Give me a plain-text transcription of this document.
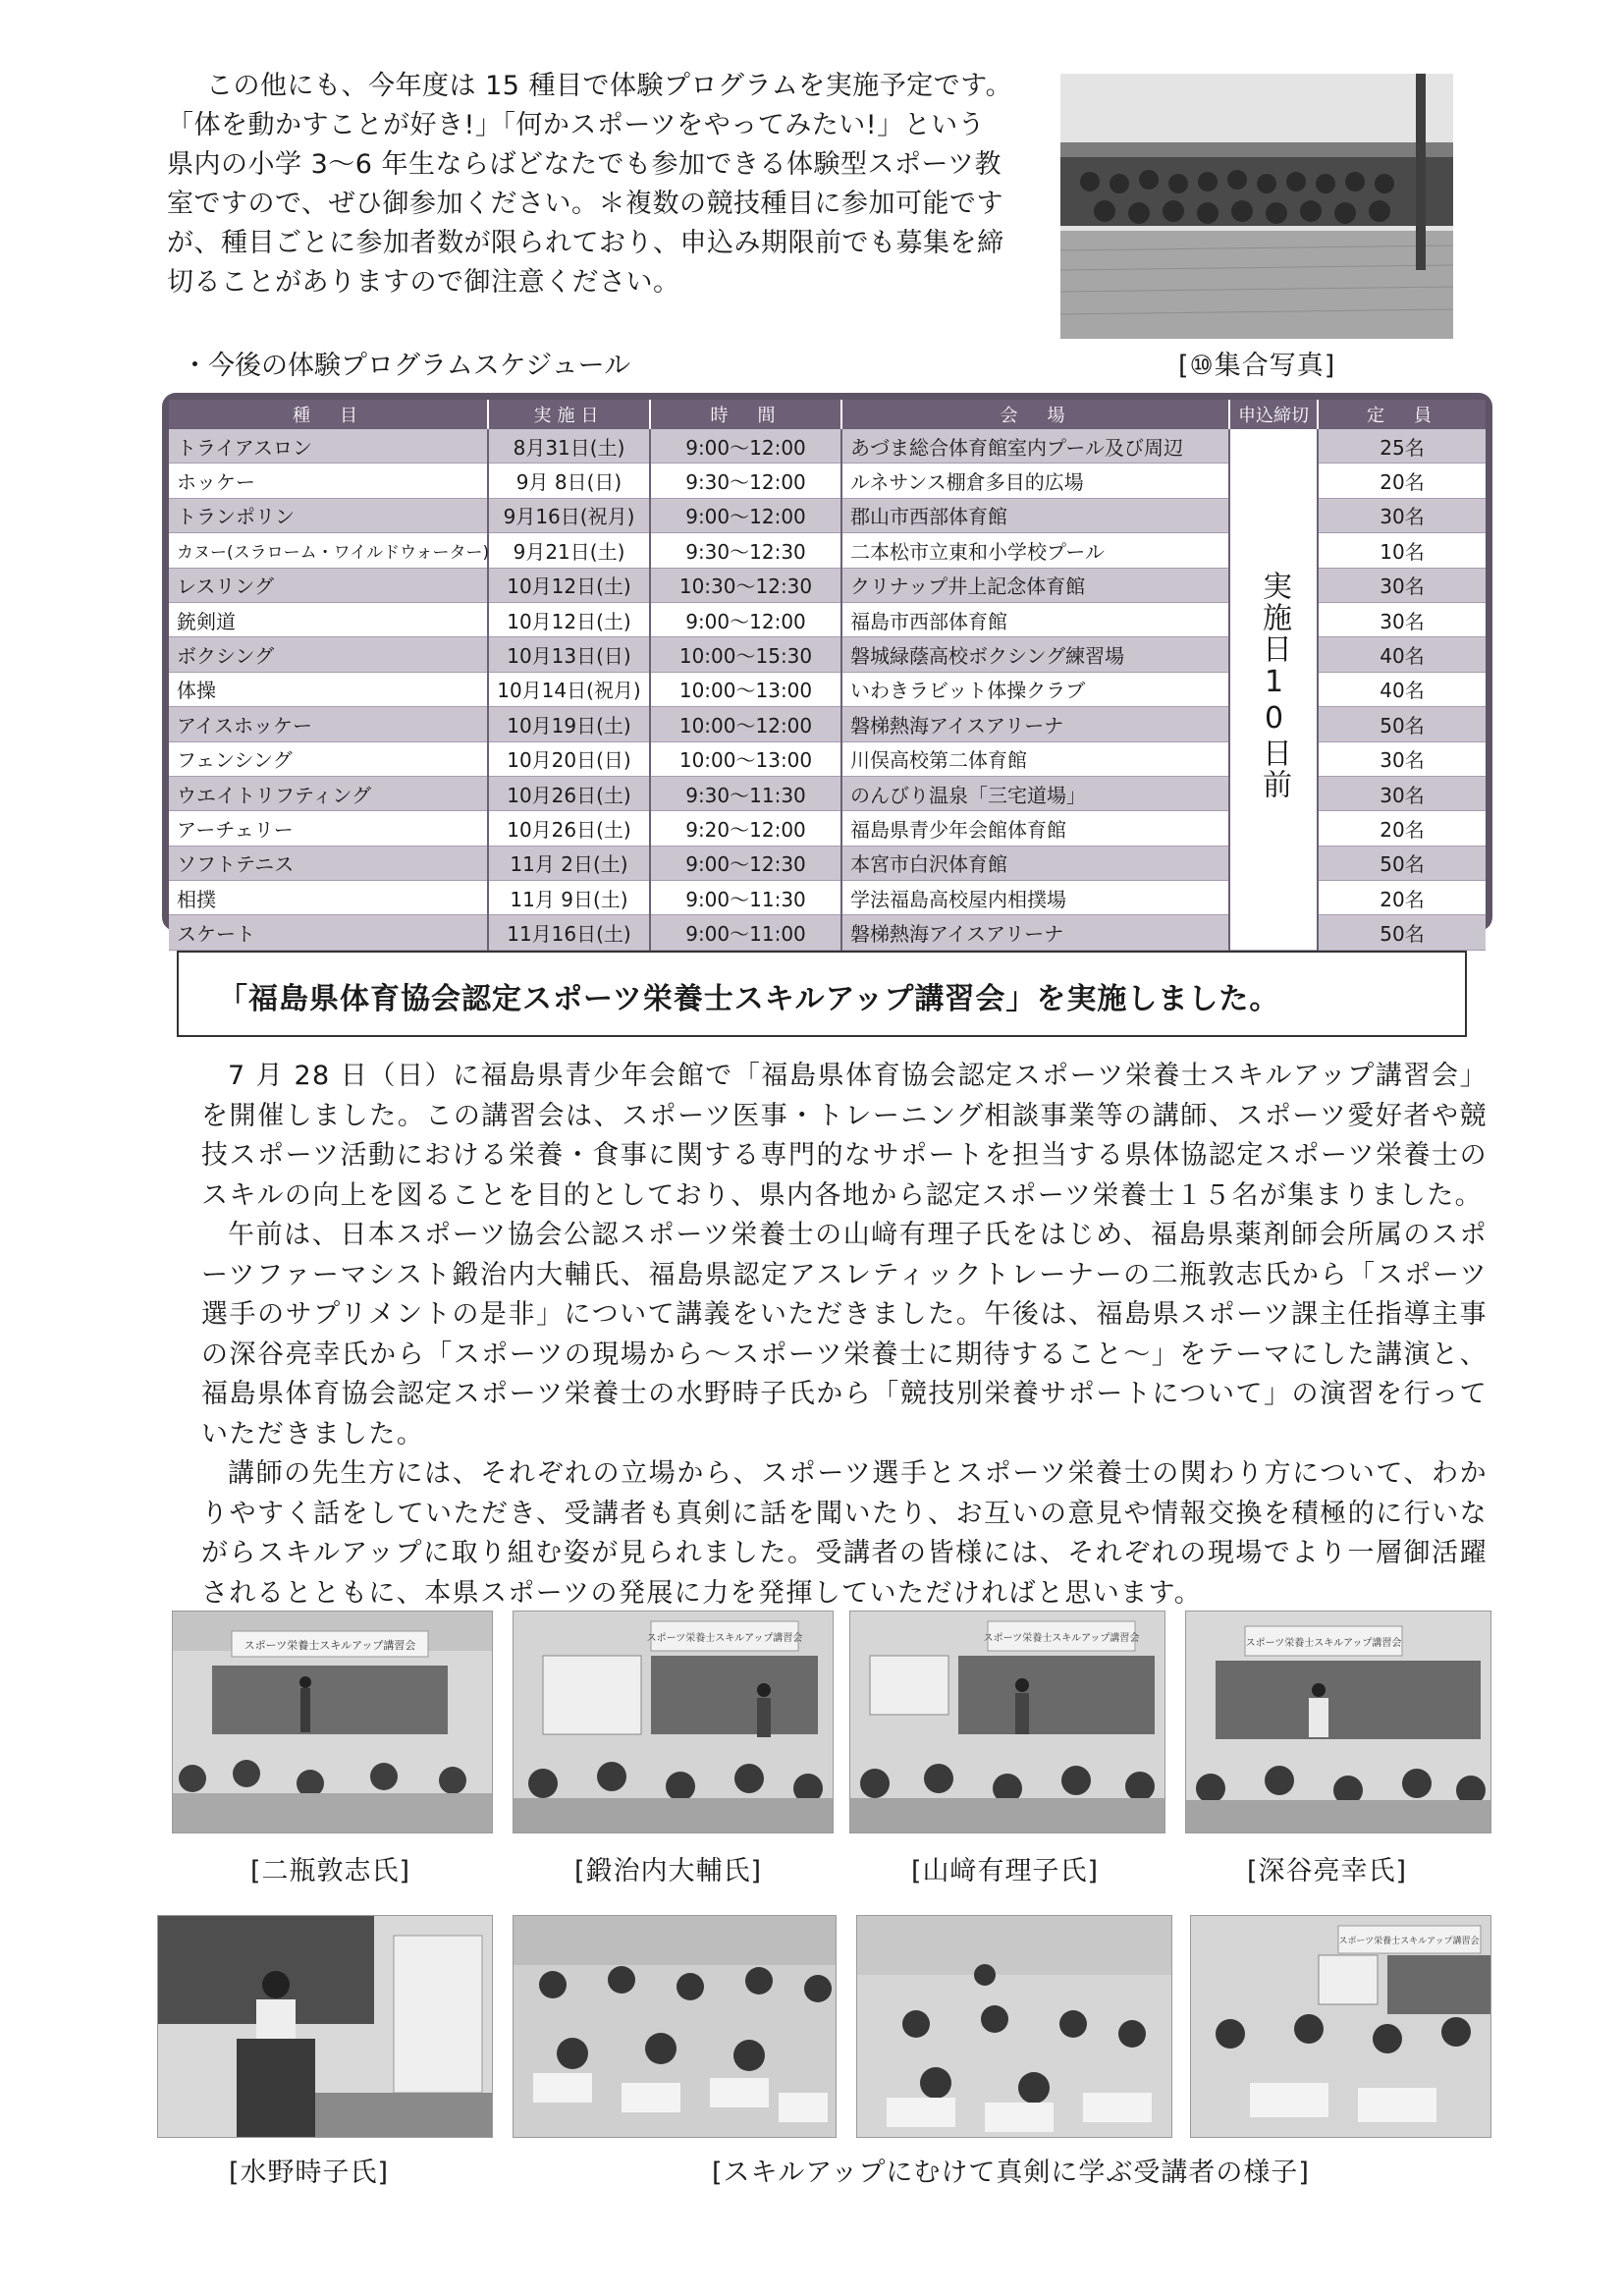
この他にも、今年度は 15 種目で体験プログラムを実施予定です。

「体を動かすことが好き!」「何かスポーツをやってみたい!」という

県内の小学 3～6 年生ならばどなたでも参加できる体験型スポーツ教

室ですので、ぜひ御参加ください。＊複数の競技種目に参加可能です

が、種目ごとに参加者数が限られており、申込み期限前でも募集を締

切ることがありますので御注意ください。

[⑩集合写真]
・今後の体験プログラムスケジュール
種　目	実施日	時　間	会　場	申込締切	定　員
トライアスロン	8月31日(土)	9:00～12:00	あづま総合体育館室内プール及び周辺	実施日10日前	25名
ホッケー	9月 8日(日)	9:30～12:00	ルネサンス棚倉多目的広場		20名
トランポリン	9月16日(祝月)	9:00～12:00	郡山市西部体育館		30名
カヌー(スラローム・ワイルドウォーター)	9月21日(土)	9:30～12:30	二本松市立東和小学校プール		10名
レスリング	10月12日(土)	10:30～12:30	クリナップ井上記念体育館		30名
銃剣道	10月12日(土)	9:00～12:00	福島市西部体育館		30名
ボクシング	10月13日(日)	10:00～15:30	磐城緑蔭高校ボクシング練習場		40名
体操	10月14日(祝月)	10:00～13:00	いわきラビット体操クラブ		40名
アイスホッケー	10月19日(土)	10:00～12:00	磐梯熱海アイスアリーナ		50名
フェンシング	10月20日(日)	10:00～13:00	川俣高校第二体育館		30名
ウエイトリフティング	10月26日(土)	9:30～11:30	のんびり温泉「三宅道場」		30名
アーチェリー	10月26日(土)	9:20～12:00	福島県青少年会館体育館		20名
ソフトテニス	11月 2日(土)	9:00～12:30	本宮市白沢体育館		50名
相撲	11月 9日(土)	9:00～11:30	学法福島高校屋内相撲場		20名
スケート	11月16日(土)	9:00～11:00	磐梯熱海アイスアリーナ		50名
「福島県体育協会認定スポーツ栄養士スキルアップ講習会」を実施しました。

7 月 28 日（日）に福島県青少年会館で「福島県体育協会認定スポーツ栄養士スキルアップ講習会」を開催しました。この講習会は、スポーツ医事・トレーニング相談事業等の講師、スポーツ愛好者や競技スポーツ活動における栄養・食事に関する専門的なサポートを担当する県体協認定スポーツ栄養士のスキルの向上を図ることを目的としており、県内各地から認定スポーツ栄養士１５名が集まりました。

午前は、日本スポーツ協会公認スポーツ栄養士の山﨑有理子氏をはじめ、福島県薬剤師会所属のスポーツファーマシスト鍛治内大輔氏、福島県認定アスレティックトレーナーの二瓶敦志氏から「スポーツ選手のサプリメントの是非」について講義をいただきました。午後は、福島県スポーツ課主任指導主事の深谷亮幸氏から「スポーツの現場から～スポーツ栄養士に期待すること～」をテーマにした講演と、福島県体育協会認定スポーツ栄養士の水野時子氏から「競技別栄養サポートについて」の演習を行っていただきました。

講師の先生方には、それぞれの立場から、スポーツ選手とスポーツ栄養士の関わり方について、わかりやすく話をしていただき、受講者も真剣に話を聞いたり、お互いの意見や情報交換を積極的に行いながらスキルアップに取り組む姿が見られました。受講者の皆様には、それぞれの現場でより一層御活躍されるとともに、本県スポーツの発展に力を発揮していただければと思います。

スポーツ栄養士スキルアップ講習会
[二瓶敦志氏]
スポーツ栄養士スキルアップ講習会
[鍛治内大輔氏]
スポーツ栄養士スキルアップ講習会
[山﨑有理子氏]
スポーツ栄養士スキルアップ講習会
[深谷亮幸氏]
[水野時子氏]
スポーツ栄養士スキルアップ講習会
[スキルアップにむけて真剣に学ぶ受講者の様子]
